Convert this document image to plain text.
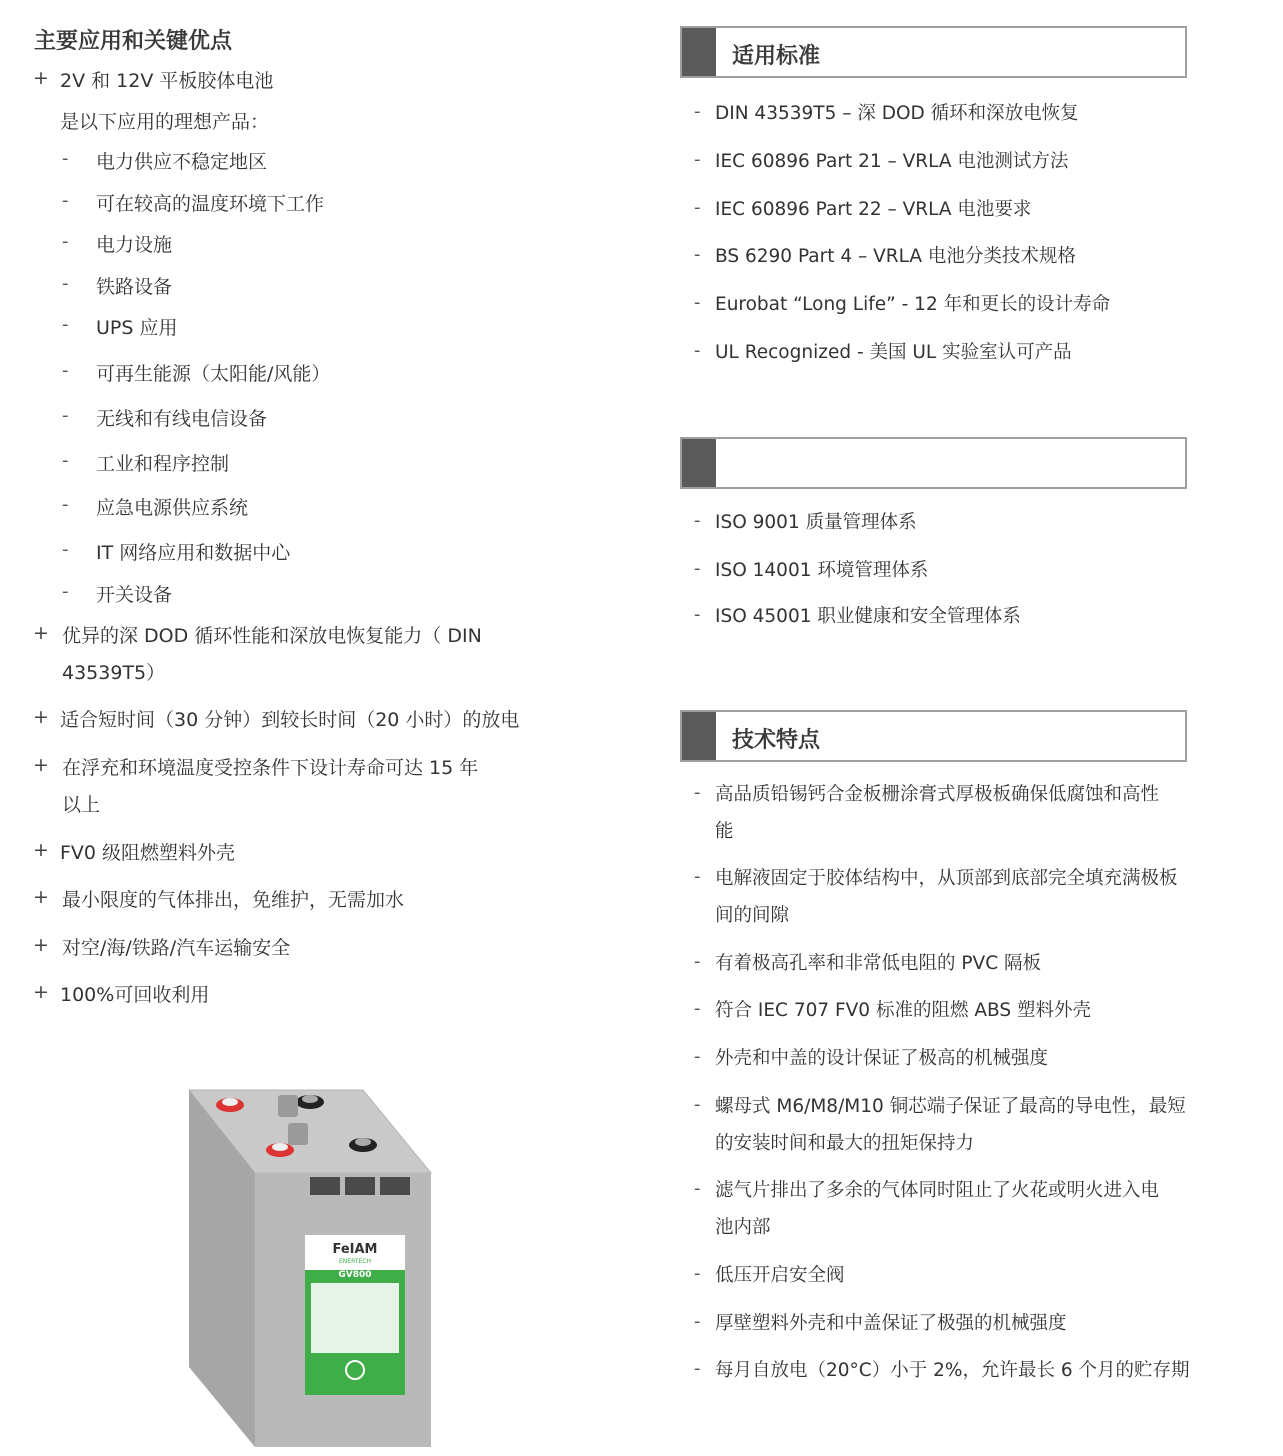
主要应用和关键优点
+ 2V 和 12V 平板胶体电池
是以下应用的理想产品：
- 电力供应不稳定地区
- 可在较高的温度环境下工作
- 电力设施
- 铁路设备
- UPS 应用
- 可再生能源（太阳能/风能）
- 无线和有线电信设备
- 工业和程序控制
- 应急电源供应系统
- IT 网络应用和数据中心
- 开关设备
+ 优异的深 DOD 循环性能和深放电恢复能力（ DIN
43539T5）
+ 适合短时间（30 分钟）到较长时间（20 小时）的放电
+ 在浮充和环境温度受控条件下设计寿命可达 15 年
以上
+ FV0 级阻燃塑料外壳
+ 最小限度的气体排出，免维护，无需加水
+ 对空/海/铁路/汽车运输安全
+ 100%可回收利用
FeIAM
ENERTECH
GV800
适用标准
- DIN 43539T5 – 深 DOD 循环和深放电恢复
- IEC 60896 Part 21 – VRLA 电池测试方法
- IEC 60896 Part 22 – VRLA 电池要求
- BS 6290 Part 4 – VRLA 电池分类技术规格
- Eurobat “Long Life” - 12 年和更长的设计寿命
- UL Recognized - 美国 UL 实验室认可产品
- ISO 9001 质量管理体系
- ISO 14001 环境管理体系
- ISO 45001 职业健康和安全管理体系
技术特点
- 高品质铅锡钙合金板栅涂膏式厚极板确保低腐蚀和高性
能
- 电解液固定于胶体结构中，从顶部到底部完全填充满极板
间的间隙
- 有着极高孔率和非常低电阻的 PVC 隔板
- 符合 IEC 707 FV0 标准的阻燃 ABS 塑料外壳
- 外壳和中盖的设计保证了极高的机械强度
- 螺母式 M6/M8/M10 铜芯端子保证了最高的导电性，最短
的安装时间和最大的扭矩保持力
- 滤气片排出了多余的气体同时阻止了火花或明火进入电
池内部
- 低压开启安全阀
- 厚壁塑料外壳和中盖保证了极强的机械强度
- 每月自放电（20°C）小于 2%，允许最长 6 个月的贮存期
